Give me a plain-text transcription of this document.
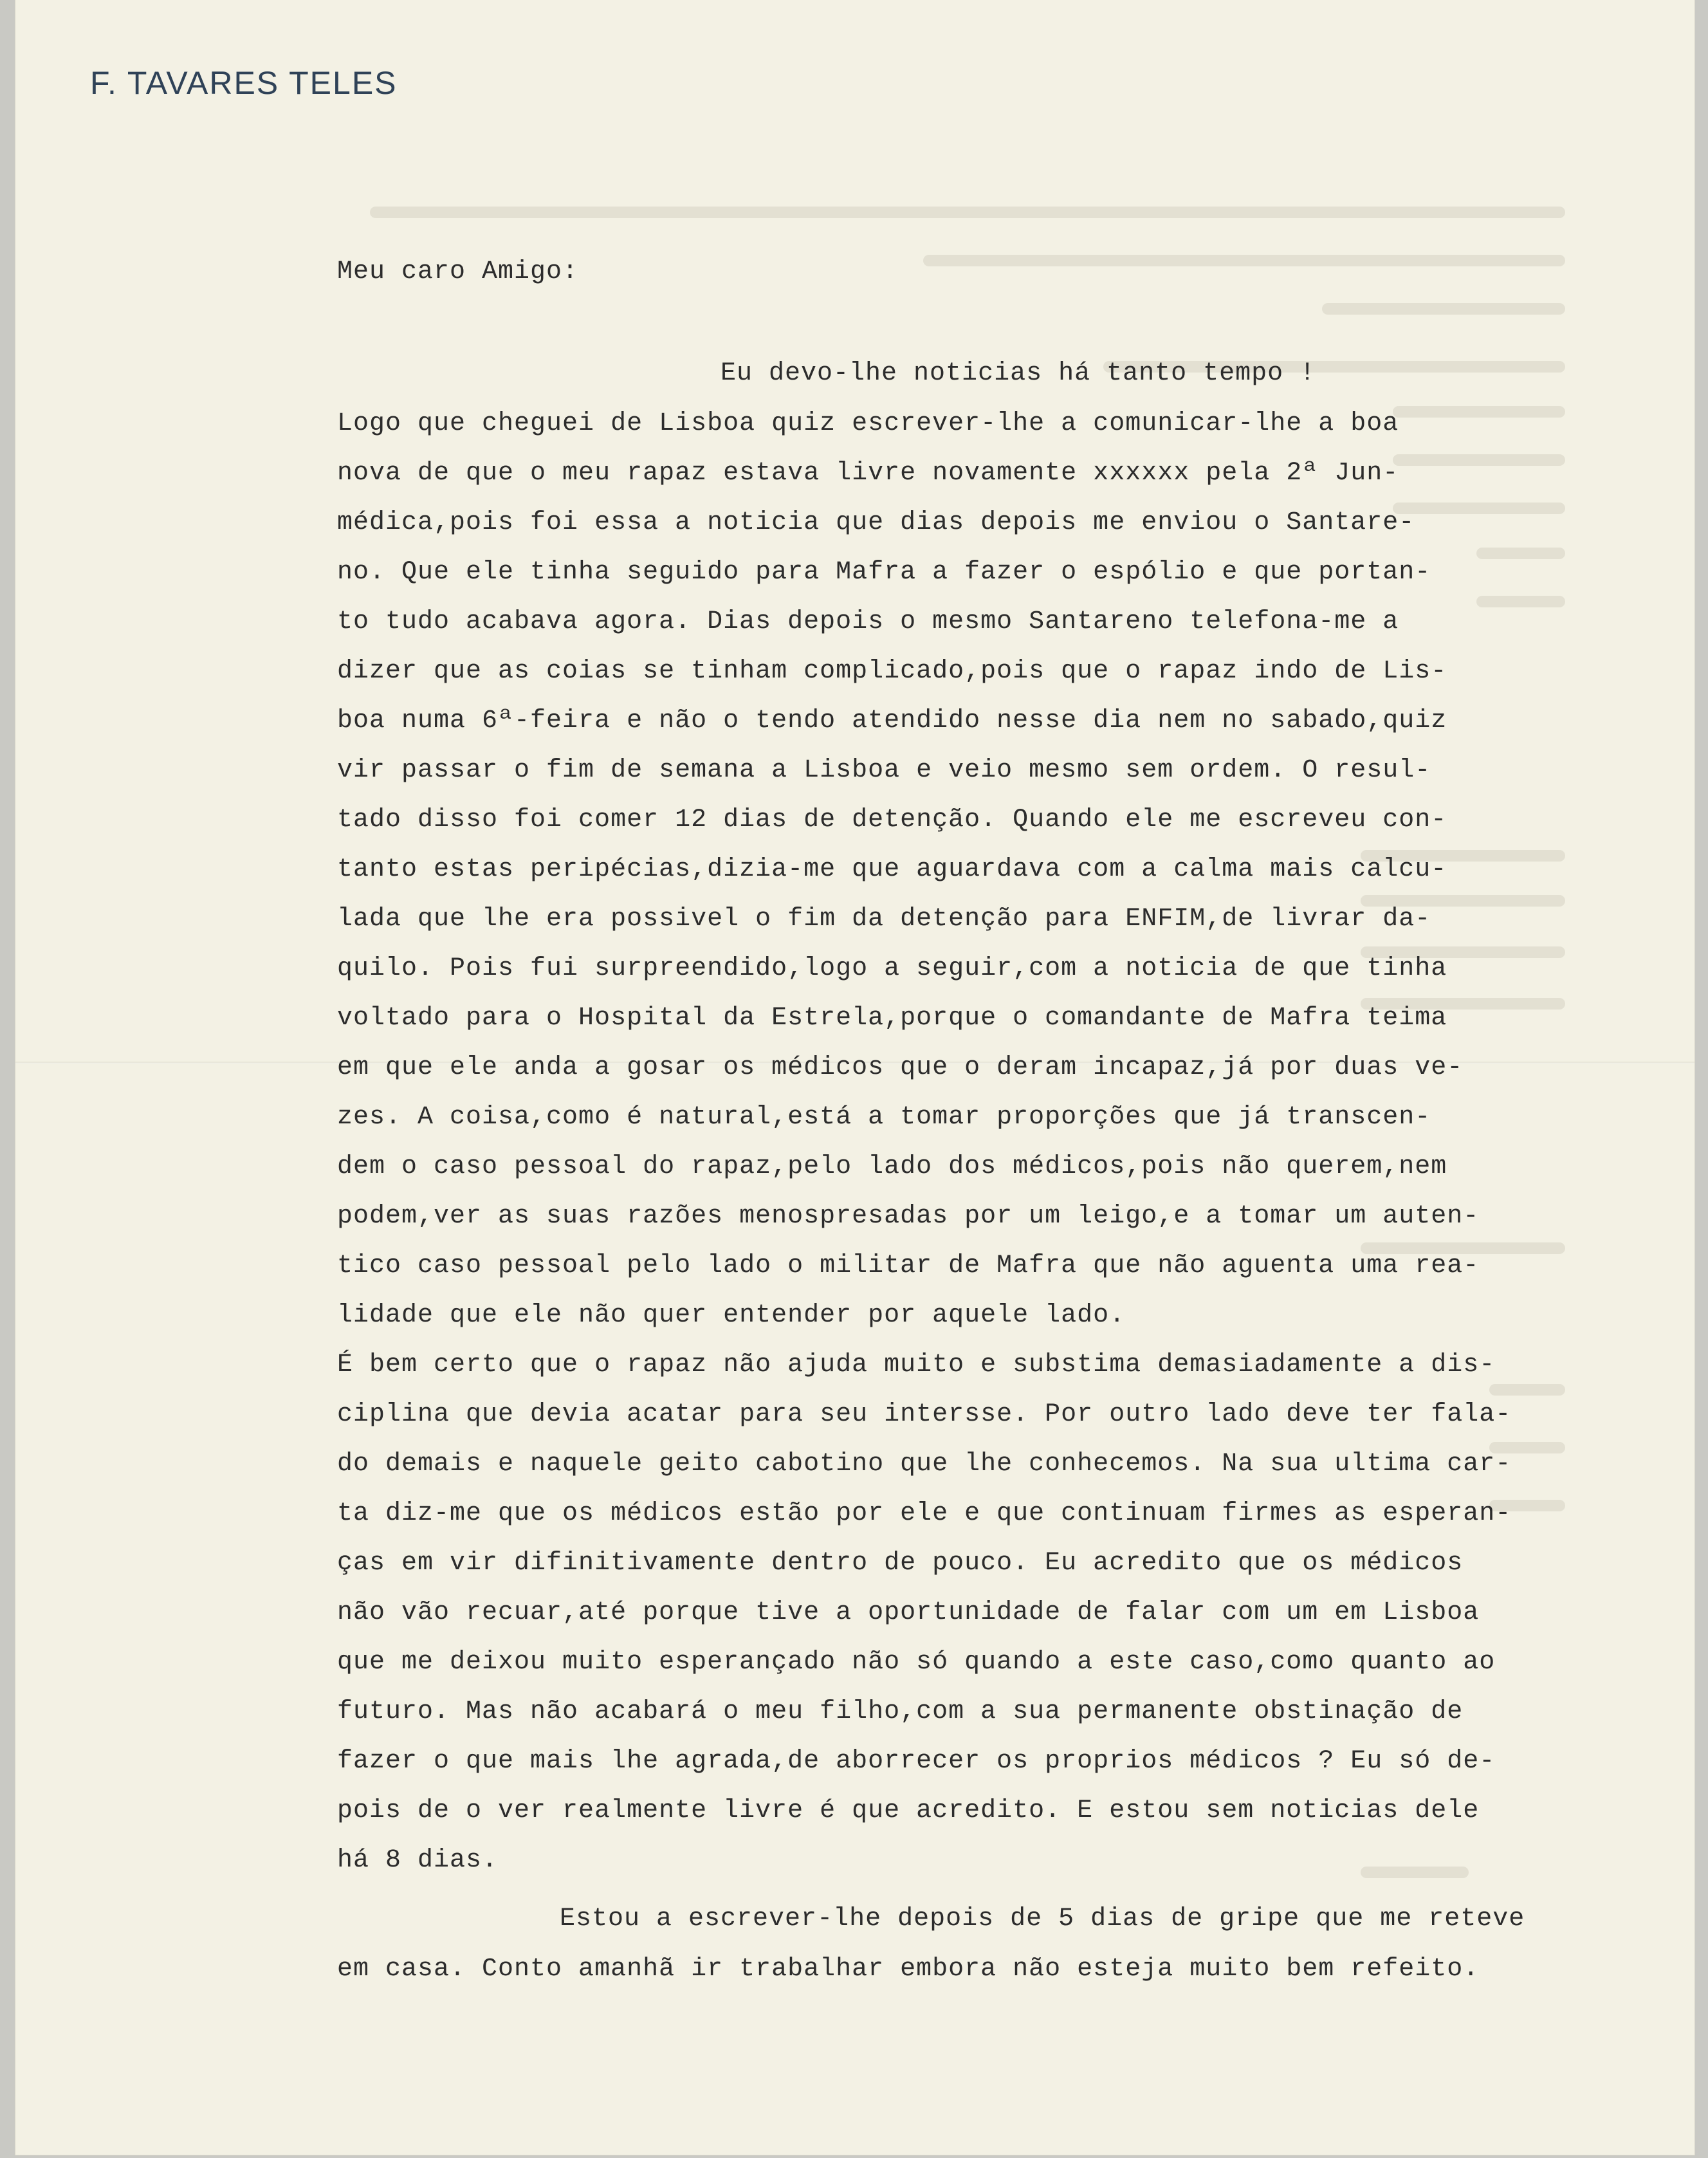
F. TAVARES TELES
Meu caro Amigo:
Eu devo-lhe noticias há tanto tempo !
Logo que cheguei de Lisboa quiz escrever-lhe a comunicar-lhe a boa
nova de que o meu rapaz estava livre novamente xxxxxx pela 2ª Jun-
médica,pois foi essa a noticia que dias depois me enviou o Santare-
no. Que ele tinha seguido para Mafra a fazer o espólio e que portan-
to tudo acabava agora. Dias depois o mesmo Santareno telefona-me a
dizer que as coias se tinham complicado,pois que o rapaz indo de Lis-
boa numa 6ª-feira e não o tendo atendido nesse dia nem no sabado,quiz
vir passar o fim de semana a Lisboa e veio mesmo sem ordem. O resul-
tado disso foi comer 12 dias de detenção. Quando ele me escreveu con-
tanto estas peripécias,dizia-me que aguardava com a calma mais calcu-
lada que lhe era possivel o fim da detenção para ENFIM,de livrar da-
quilo. Pois fui surpreendido,logo a seguir,com a noticia de que tinha
voltado para o Hospital da Estrela,porque o comandante de Mafra teima
em que ele anda a gosar os médicos que o deram incapaz,já por duas ve-
zes. A coisa,como é natural,está a tomar proporções que já transcen-
dem o caso pessoal do rapaz,pelo lado dos médicos,pois não querem,nem
podem,ver as suas razões menospresadas por um leigo,e a tomar um auten-
tico caso pessoal pelo lado o militar de Mafra que não aguenta uma rea-
lidade que ele não quer entender por aquele lado.
É bem certo que o rapaz não ajuda muito e substima demasiadamente a dis-
ciplina que devia acatar para seu intersse. Por outro lado deve ter fala-
do demais e naquele geito cabotino que lhe conhecemos. Na sua ultima car-
ta diz-me que os médicos estão por ele e que continuam firmes as esperan-
ças em vir difinitivamente dentro de pouco. Eu acredito que os médicos
não vão recuar,até porque tive a oportunidade de falar com um em Lisboa
que me deixou muito esperançado não só quando a este caso,como quanto ao
futuro. Mas não acabará o meu filho,com a sua permanente obstinação de
fazer o que mais lhe agrada,de aborrecer os proprios médicos ? Eu só de-
pois de o ver realmente livre é que acredito. E estou sem noticias dele
há 8 dias.
Estou a escrever-lhe depois de 5 dias de gripe que me reteve
em casa. Conto amanhã ir trabalhar embora não esteja muito bem refeito.
